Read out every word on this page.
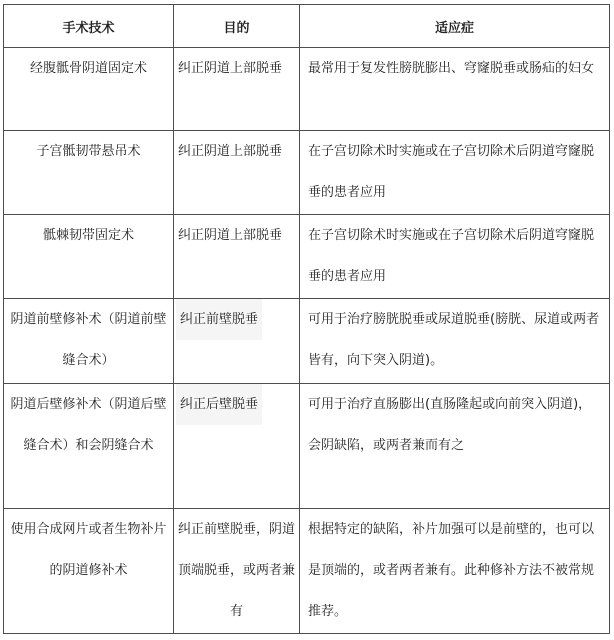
手术技术	目的	适应症
经腹骶骨阴道固定术	纠正阴道上部脱垂	最常用于复发性膀胱膨出、穹窿脱垂或肠疝的妇女
子宫骶韧带悬吊术	纠正阴道上部脱垂	在子宫切除术时实施或在子宫切除术后阴道穹窿脱垂的患者应用
骶棘韧带固定术	纠正阴道上部脱垂	在子宫切除术时实施或在子宫切除术后阴道穹窿脱垂的患者应用
阴道前壁修补术（阴道前壁缝合术）	纠正前壁脱垂	可用于治疗膀胱脱垂或尿道脱垂(膀胱、尿道或两者皆有，向下突入阴道)。
阴道后壁修补术（阴道后壁缝合术）和会阴缝合术	纠正后壁脱垂	可用于治疗直肠膨出(直肠隆起或向前突入阴道)，会阴缺陷，或两者兼而有之
使用合成网片或者生物补片的阴道修补术	纠正前壁脱垂，阴道顶端脱垂，或两者兼有	根据特定的缺陷，补片加强可以是前壁的，也可以是顶端的，或者两者兼有。此种修补方法不被常规推荐。
